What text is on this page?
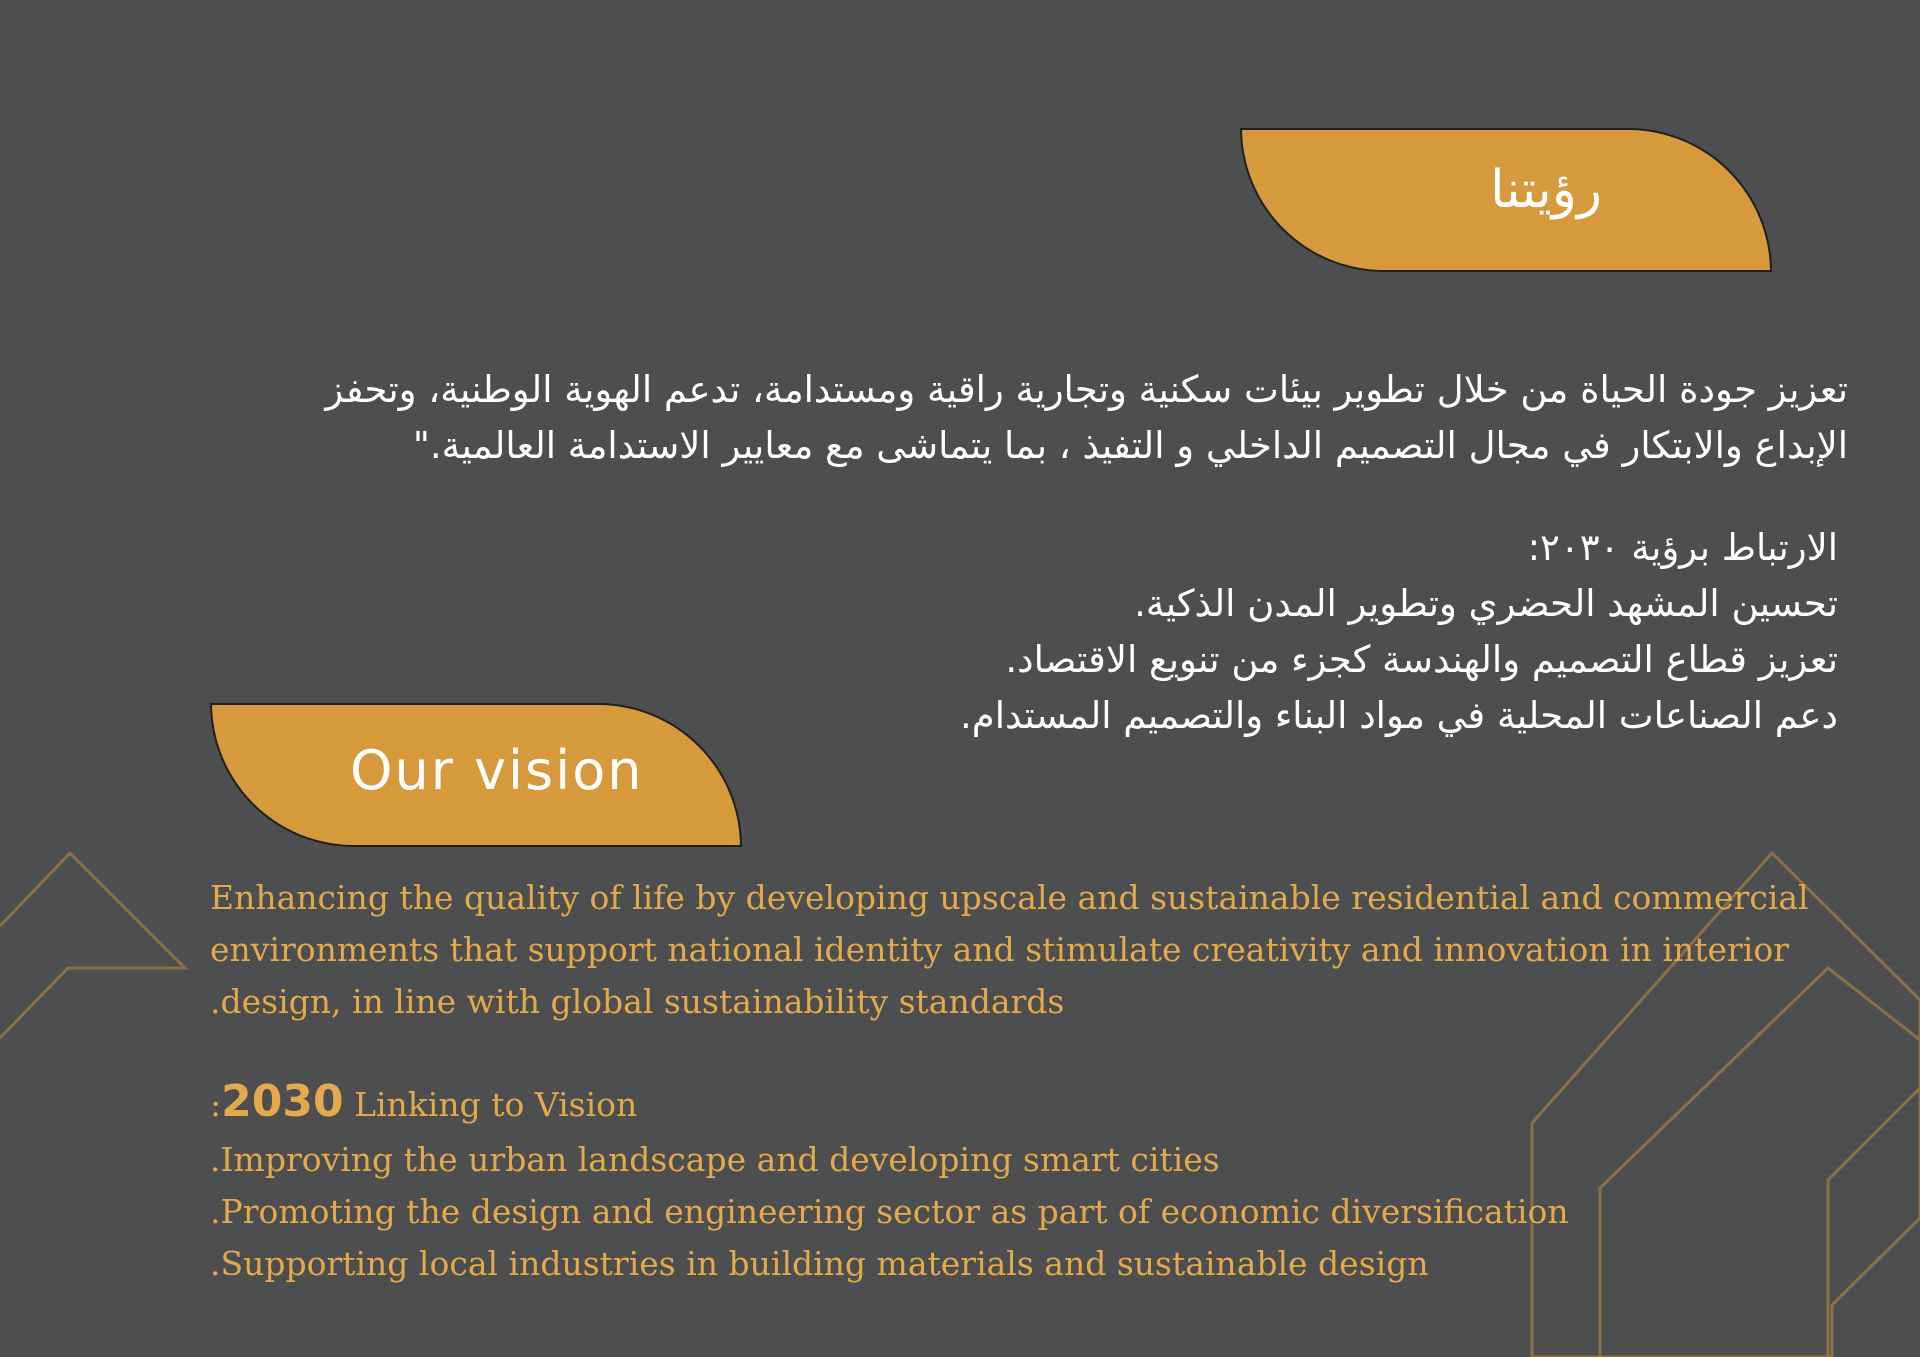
رؤيتنا
تعزيز جودة الحياة من خلال تطوير بيئات سكنية وتجارية راقية ومستدامة، تدعم الهوية الوطنية، وتحفز
الإبداع والابتكار في مجال التصميم الداخلي و التفيذ ، بما يتماشى مع معايير الاستدامة العالمية."
الارتباط برؤية ٢٠٣٠:
تحسين المشهد الحضري وتطوير المدن الذكية.
تعزيز قطاع التصميم والهندسة كجزء من تنويع الاقتصاد.
دعم الصناعات المحلية في مواد البناء والتصميم المستدام.
Our vision
Enhancing the quality of life by developing upscale and sustainable residential and commercial
environments that support national identity and stimulate creativity and innovation in interior
.design, in line with global sustainability standards
:2030 Linking to Vision
.Improving the urban landscape and developing smart cities
.Promoting the design and engineering sector as part of economic diversification
.Supporting local industries in building materials and sustainable design
